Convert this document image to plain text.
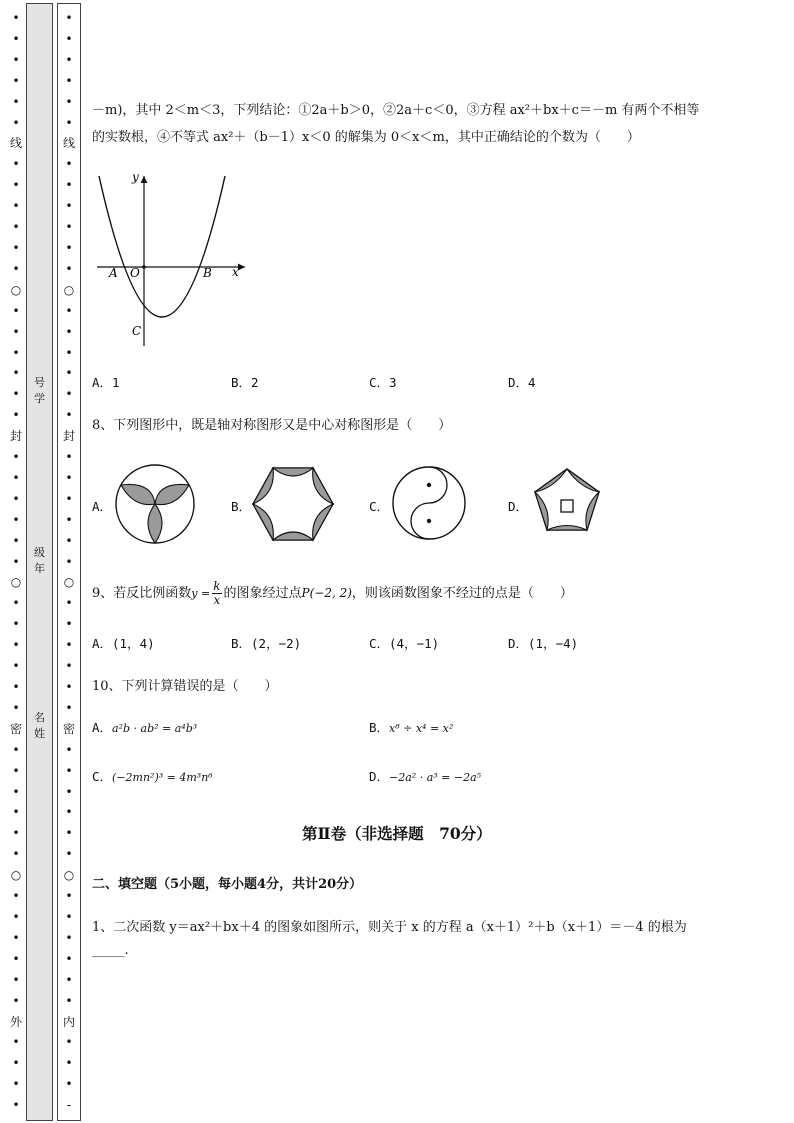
•
•
•
•
•
•
线
•
•
•
•
•
•
○
•
•
•
•
•
•
封
•
•
•
•
•
•
○
•
•
•
•
•
•
密
•
•
•
•
•
•
○
•
•
•
•
•
•
外
•
•
•
•
•
•
•
•
•
•
线
•
•
•
•
•
•
○
•
•
•
•
•
•
封
•
•
•
•
•
•
○
•
•
•
•
•
•
密
•
•
•
•
•
•
○
•
•
•
•
•
•
内
•
•
•
-
号
学
级
年
名
姓
－m)，其中 2＜m＜3，下列结论：①2a＋b＞0，②2a＋c＜0，③方程 ax²＋bx＋c＝－m 有两个不相等
的实数根，④不等式 ax²＋（b－1）x＜0 的解集为 0＜x＜m，其中正确结论的个数为（　　）
y
x
A O	B
C
A．1	B．2	C．3	D．4
8、下列图形中，既是轴对称图形又是中心对称图形是（　　）
A．	B．	C．	D．
9、若反比例函数$y = \frac{k}{x}$ 的图象经过点P(−2, 2)，则该函数图象不经过的点是（　　）
A．(1，4)	B．(2，−2)	C．(4，−1)	D．(1，−4)
10、下列计算错误的是（　　）
A．a²b · ab² = a⁴b³	B．x⁸ ÷ x⁴ = x²
C．(−2mn²)³ = 4m³n⁶	D．−2a² · a³ = −2a⁵
第Ⅱ卷（非选择题　70分）
二、填空题（5小题，每小题4分，共计20分）
1、二次函数 y＝ax²＋bx＋4 的图象如图所示，则关于 x 的方程 a（x＋1）²＋b（x＋1）＝－4 的根为
_____.
